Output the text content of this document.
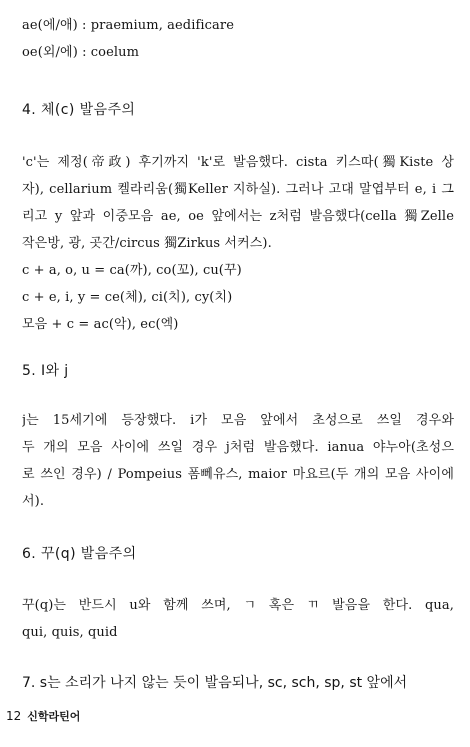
ae(에/애) : praemium, aedificare
oe(외/에) : coelum
4. 체(c) 발음주의
'c'는 제정(帝政) 후기까지 'k'로 발음했다. cista 키스따(獨Kiste 상
자), cellarium 켈라리움(獨Keller 지하실). 그러나 고대 말엽부터 e, i 그
리고 y 앞과 이중모음 ae, oe 앞에서는 z처럼 발음했다(cella 獨Zelle
작은방, 광, 곳간/circus 獨Zirkus 서커스).
c + a, o, u = ca(까), co(꼬), cu(꾸)
c + e, i, y = ce(체), ci(치), cy(치)
모음 + c = ac(악), ec(엑)
5. I와 j
j는 15세기에 등장했다. i가 모음 앞에서 초성으로 쓰일 경우와
두 개의 모음 사이에 쓰일 경우 j처럼 발음했다. ianua 야누아(초성으
로 쓰인 경우) / Pompeius 폼뻬유스, maior 마요르(두 개의 모음 사이에
서).
6. 꾸(q) 발음주의
꾸(q)는 반드시 u와 함께 쓰며, ㄱ 혹은 ㄲ 발음을 한다. qua,
qui, quis, quid
7. s는 소리가 나지 않는 듯이 발음되나, sc, sch, sp, st 앞에서
12 신학라틴어
